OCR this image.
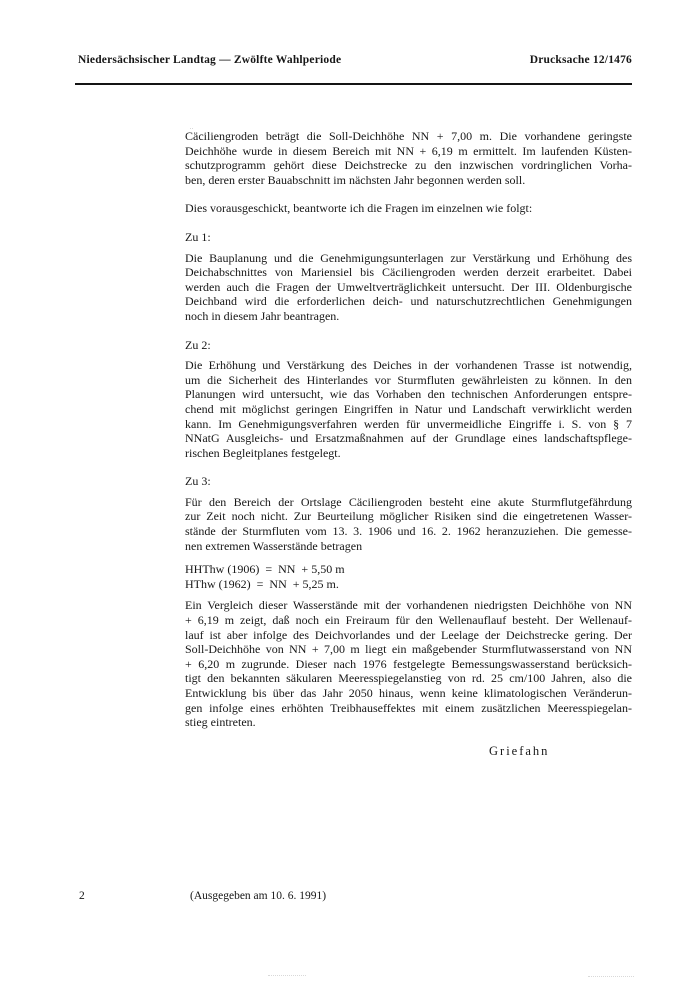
Niedersächsischer Landtag — Zwölfte Wahlperiode	Drucksache 12/1476
Cäciliengroden beträgt die Soll-Deichhöhe NN + 7,00 m. Die vorhandene geringste
Deichhöhe wurde in diesem Bereich mit NN + 6,19 m ermittelt. Im laufenden Küsten-
schutzprogramm gehört diese Deichstrecke zu den inzwischen vordringlichen Vorha-
ben, deren erster Bauabschnitt im nächsten Jahr begonnen werden soll.
Dies vorausgeschickt, beantworte ich die Fragen im einzelnen wie folgt:
Zu 1:
Die Bauplanung und die Genehmigungsunterlagen zur Verstärkung und Erhöhung des
Deichabschnittes von Mariensiel bis Cäciliengroden werden derzeit erarbeitet. Dabei
werden auch die Fragen der Umweltverträglichkeit untersucht. Der III. Oldenburgische
Deichband wird die erforderlichen deich- und naturschutzrechtlichen Genehmigungen
noch in diesem Jahr beantragen.
Zu 2:
Die Erhöhung und Verstärkung des Deiches in der vorhandenen Trasse ist notwendig,
um die Sicherheit des Hinterlandes vor Sturmfluten gewährleisten zu können. In den
Planungen wird untersucht, wie das Vorhaben den technischen Anforderungen entspre-
chend mit möglichst geringen Eingriffen in Natur und Landschaft verwirklicht werden
kann. Im Genehmigungsverfahren werden für unvermeidliche Eingriffe i. S. von § 7
NNatG Ausgleichs- und Ersatzmaßnahmen auf der Grundlage eines landschaftspflege-
rischen Begleitplanes festgelegt.
Zu 3:
Für den Bereich der Ortslage Cäciliengroden besteht eine akute Sturmflutgefährdung
zur Zeit noch nicht. Zur Beurteilung möglicher Risiken sind die eingetretenen Wasser-
stände der Sturmfluten vom 13. 3. 1906 und 16. 2. 1962 heranzuziehen. Die gemesse-
nen extremen Wasserstände betragen
HHThw (1906)  =  NN  + 5,50 m
HThw (1962)  =  NN  + 5,25 m.
Ein Vergleich dieser Wasserstände mit der vorhandenen niedrigsten Deichhöhe von NN
+ 6,19 m zeigt, daß noch ein Freiraum für den Wellenauflauf besteht. Der Wellenauf-
lauf ist aber infolge des Deichvorlandes und der Leelage der Deichstrecke gering. Der
Soll-Deichhöhe von NN + 7,00 m liegt ein maßgebender Sturmflutwasserstand von NN
+ 6,20 m zugrunde. Dieser nach 1976 festgelegte Bemessungswasserstand berücksich-
tigt den bekannten säkularen Meeresspiegelanstieg von rd. 25 cm/100 Jahren, also die
Entwicklung bis über das Jahr 2050 hinaus, wenn keine klimatologischen Veränderun-
gen infolge eines erhöhten Treibhauseffektes mit einem zusätzlichen Meeresspiegelan-
stieg eintreten.
Griefahn
2	(Ausgegeben am 10. 6. 1991)
